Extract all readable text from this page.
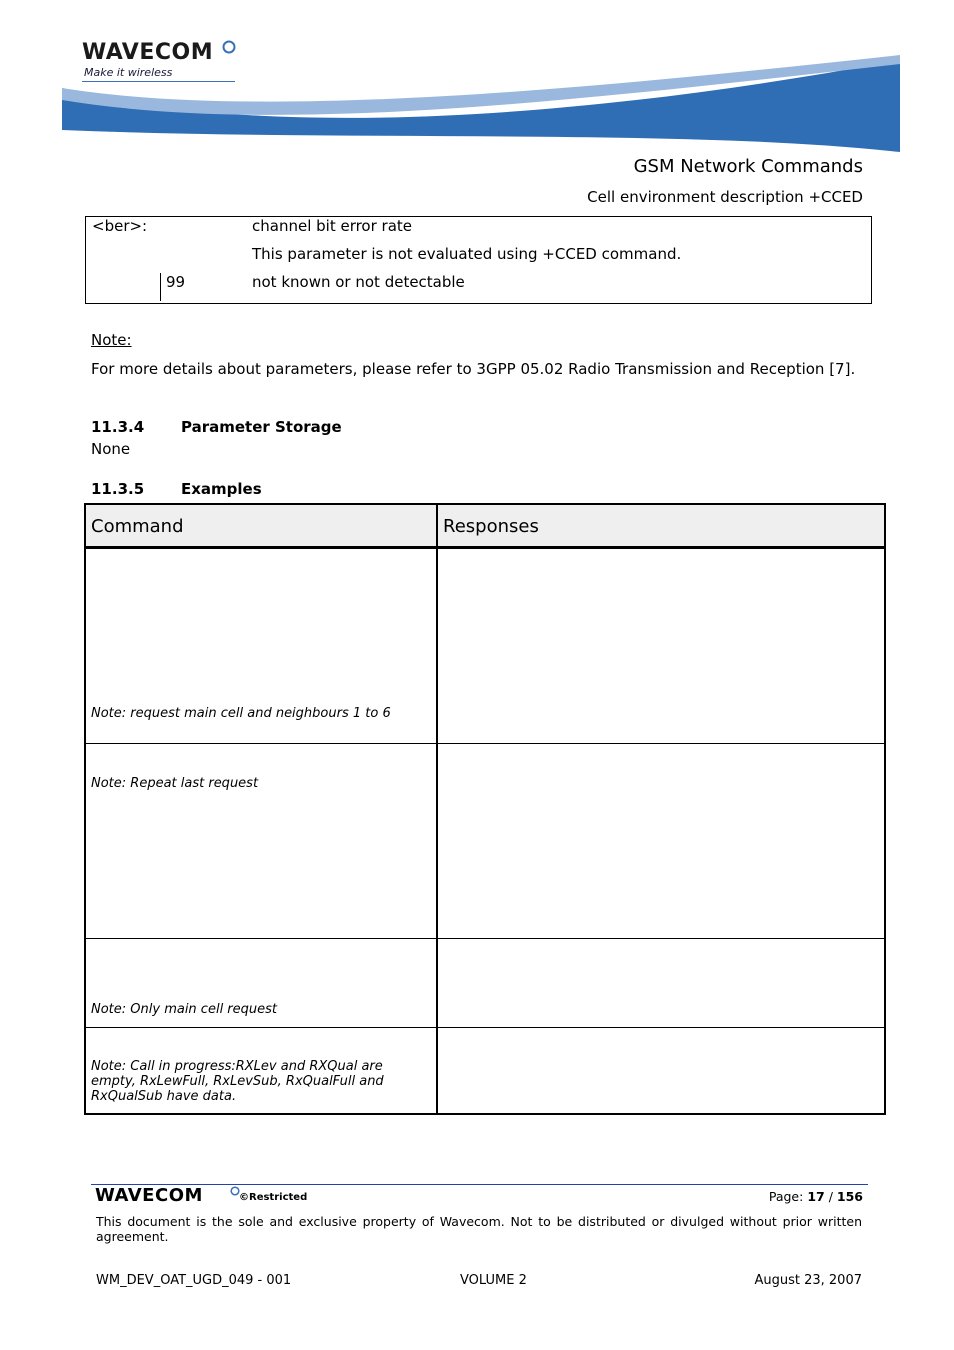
WAVECOM
Make it wireless
GSM Network Commands
Cell environment description +CCED
<ber>:	channel bit error rate
This parameter is not evaluated using +CCED command.
99	not known or not detectable
Note:
For more details about parameters, please refer to 3GPP 05.02 Radio Transmission and Reception [7].
11.3.4 Parameter Storage
None
11.3.5 Examples
Command	Responses
Note: request main cell and neighbours 1 to 6
Note: Repeat last request
Note: Only main cell request
Note: Call in progress:RXLev and RXQual are empty, RxLewFull, RxLevSub, RxQualFull and RxQualSub have data.
WAVECOM	©Restricted	Page: 17 / 156
This document is the sole and exclusive property of Wavecom. Not to be distributed or divulged without prior written agreement.
WM_DEV_OAT_UGD_049 - 001	VOLUME 2	August 23, 2007
